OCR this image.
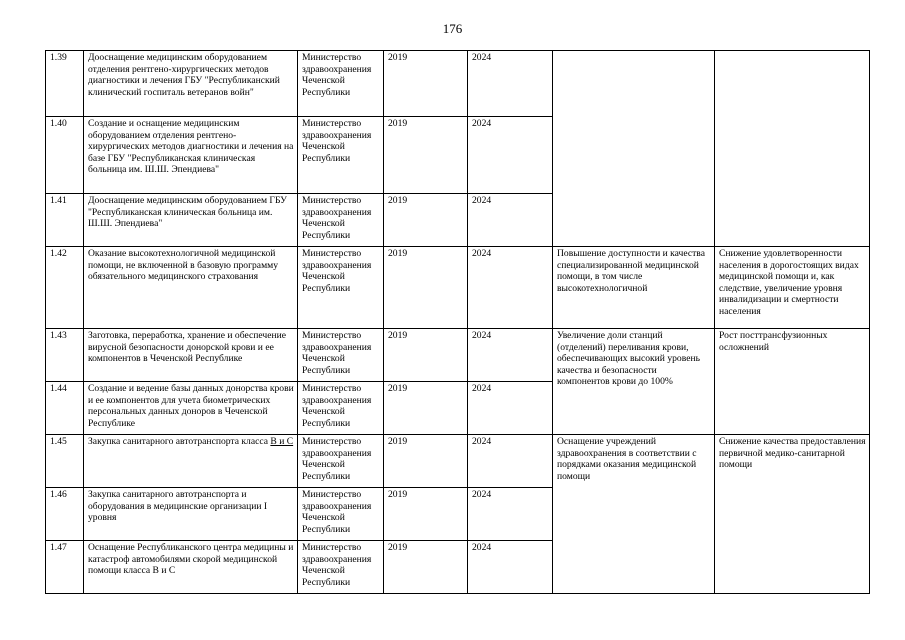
176
1.39	Дооснащение медицинским оборудованием отделения рентгено-хирургических методов диагностики и лечения ГБУ "Республиканский клинический госпиталь ветеранов войн"	Министерство здравоохранения Чеченской Республики	2019	2024		
1.40	Создание и оснащение медицинским оборудованием отделения рентгено-хирургических методов диагностики и лечения на базе ГБУ "Республиканская клиническая больница им. Ш.Ш. Эпендиева"	Министерство здравоохранения Чеченской Республики	2019	2024		
1.41	Дооснащение медицинским оборудованием ГБУ "Республиканская клиническая больница им. Ш.Ш. Эпендиева"	Министерство здравоохранения Чеченской Республики	2019	2024		
1.42	Оказание высокотехнологичной медицинской помощи, не включенной в базовую программу обязательного медицинского страхования	Министерство здравоохранения Чеченской Республики	2019	2024	Повышение доступности и качества специализированной медицинской помощи, в том числе высокотехнологичной	Снижение удовлетворенности населения в дорогостоящих видах медицинской помощи и, как следствие, увеличение уровня инвалидизации и смертности населения
1.43	Заготовка, переработка, хранение и обеспечение вирусной безопасности донорской крови и ее компонентов в Чеченской Республике	Министерство здравоохранения Чеченской Республики	2019	2024	Увеличение доли станций (отделений) переливания крови, обеспечивающих высокий уровень качества и безопасности компонентов крови до 100%	Рост посттрансфузионных осложнений
1.44	Создание и ведение базы данных донорства крови и ее компонентов для учета биометрических персональных данных доноров в Чеченской Республике	Министерство здравоохранения Чеченской Республики	2019	2024		
1.45	Закупка санитарного автотранспорта класса В и С	Министерство здравоохранения Чеченской Республики	2019	2024	Оснащение учреждений здравоохранения в соответствии с порядками оказания медицинской помощи	Снижение качества предоставления первичной медико-санитарной помощи
1.46	Закупка санитарного автотранспорта и оборудования в медицинские организации I уровня	Министерство здравоохранения Чеченской Республики	2019	2024		
1.47	Оснащение Республиканского центра медицины и катастроф автомобилями скорой медицинской помощи класса В и С	Министерство здравоохранения Чеченской Республики	2019	2024		
